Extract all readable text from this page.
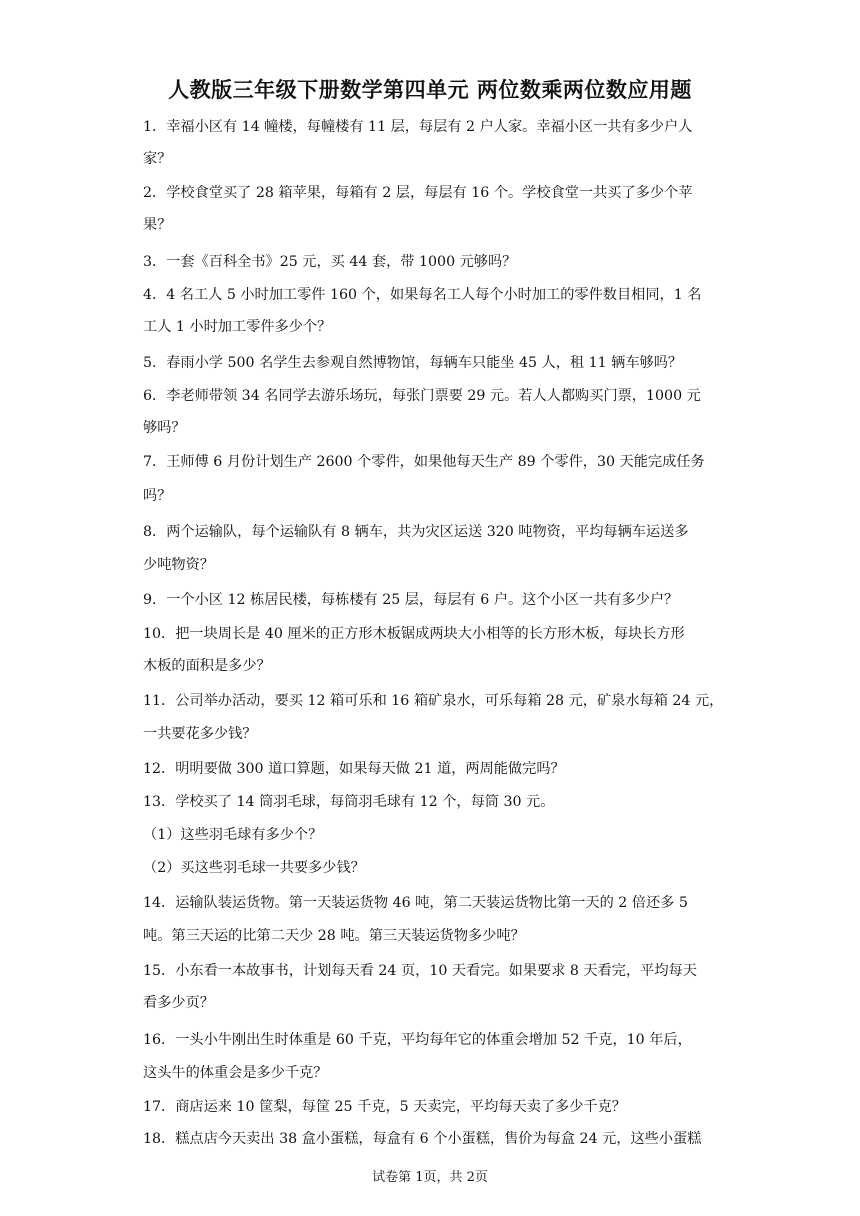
人教版三年级下册数学第四单元 两位数乘两位数应用题
1．幸福小区有 14 幢楼，每幢楼有 11 层，每层有 2 户人家。幸福小区一共有多少户人
家？
2．学校食堂买了 28 箱苹果，每箱有 2 层，每层有 16 个。学校食堂一共买了多少个苹
果？
3．一套《百科全书》25 元，买 44 套，带 1000 元够吗？
4．4 名工人 5 小时加工零件 160 个，如果每名工人每个小时加工的零件数目相同，1 名
工人 1 小时加工零件多少个？
5．春雨小学 500 名学生去参观自然博物馆，每辆车只能坐 45 人，租 11 辆车够吗？
6．李老师带领 34 名同学去游乐场玩，每张门票要 29 元。若人人都购买门票，1000 元
够吗？
7．王师傅 6 月份计划生产 2600 个零件，如果他每天生产 89 个零件，30 天能完成任务
吗？
8．两个运输队，每个运输队有 8 辆车，共为灾区运送 320 吨物资，平均每辆车运送多
少吨物资？
9．一个小区 12 栋居民楼，每栋楼有 25 层，每层有 6 户。这个小区一共有多少户？
10．把一块周长是 40 厘米的正方形木板锯成两块大小相等的长方形木板，每块长方形
木板的面积是多少？
11．公司举办活动，要买 12 箱可乐和 16 箱矿泉水，可乐每箱 28 元，矿泉水每箱 24 元，
一共要花多少钱？
12．明明要做 300 道口算题，如果每天做 21 道，两周能做完吗？
13．学校买了 14 筒羽毛球，每筒羽毛球有 12 个，每筒 30 元。
（1）这些羽毛球有多少个？
（2）买这些羽毛球一共要多少钱？
14．运输队装运货物。第一天装运货物 46 吨，第二天装运货物比第一天的 2 倍还多 5
吨。第三天运的比第二天少 28 吨。第三天装运货物多少吨？
15．小东看一本故事书，计划每天看 24 页，10 天看完。如果要求 8 天看完，平均每天
看多少页？
16．一头小牛刚出生时体重是 60 千克，平均每年它的体重会增加 52 千克，10 年后，
这头牛的体重会是多少千克？
17．商店运来 10 筐梨，每筐 25 千克，5 天卖完，平均每天卖了多少千克？
18．糕点店今天卖出 38 盒小蛋糕，每盒有 6 个小蛋糕，售价为每盒 24 元，这些小蛋糕
试卷第 1页，共 2页
